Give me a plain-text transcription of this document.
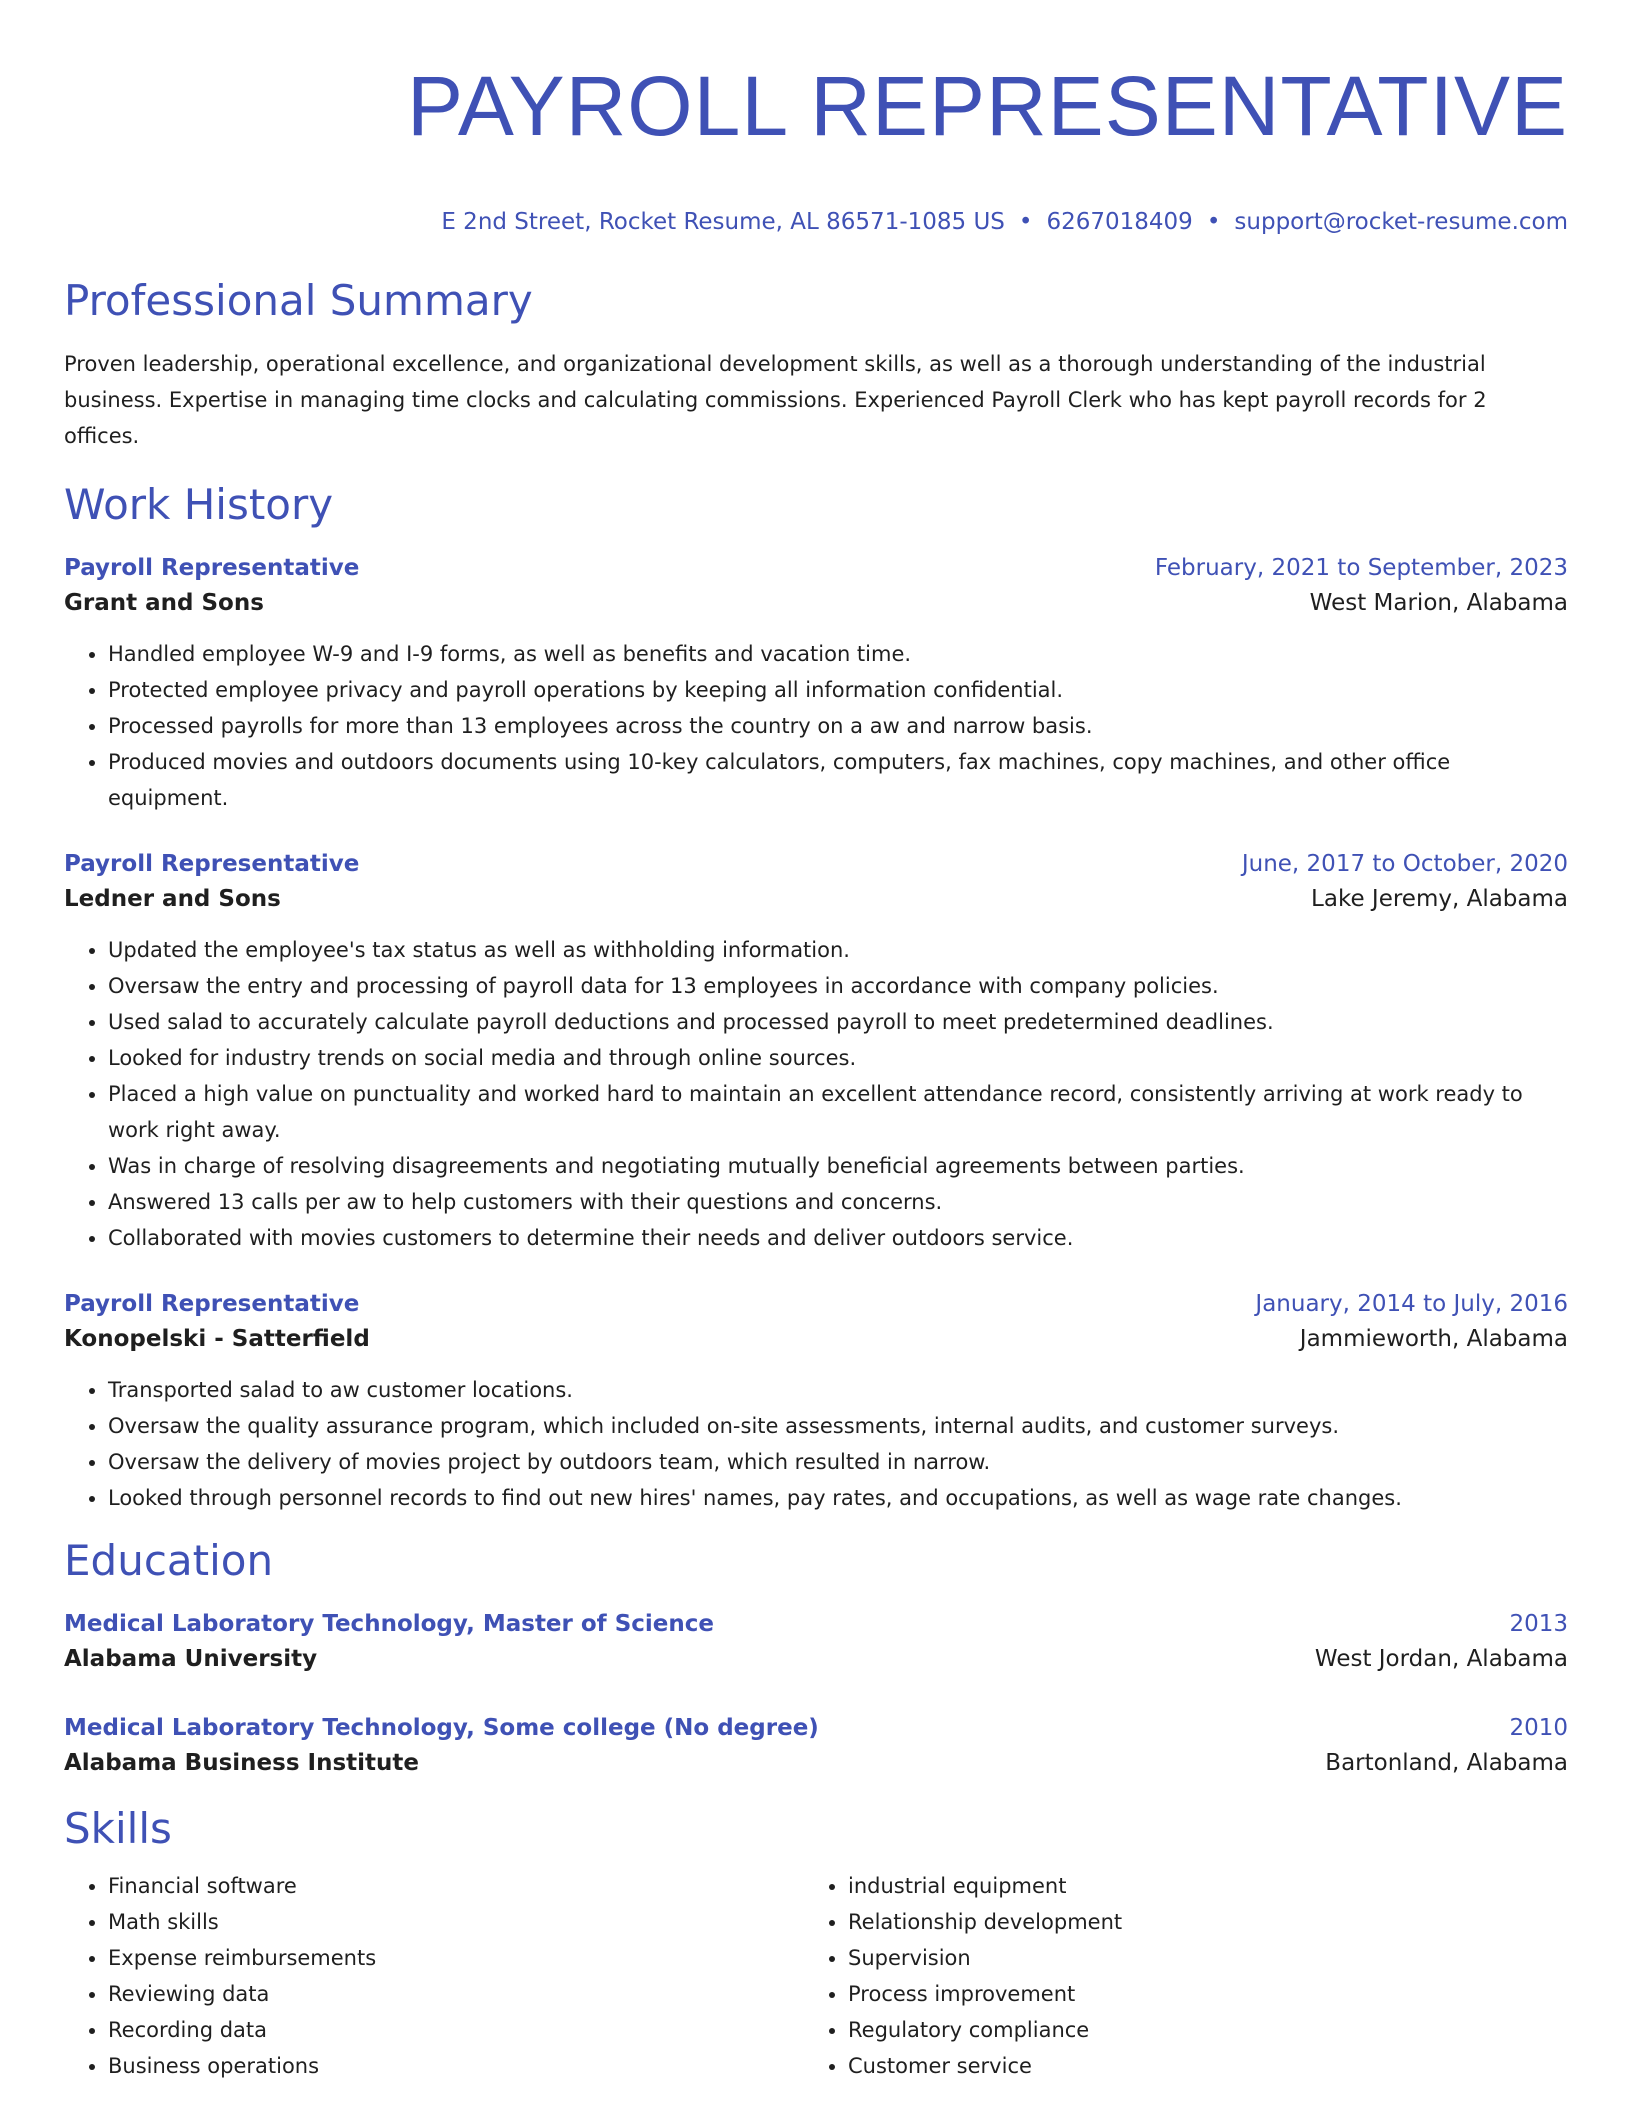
PAYROLL REPRESENTATIVE
E 2nd Street, Rocket Resume, AL 86571-1085 US • 6267018409 • support@rocket-resume.com
Professional Summary
Proven leadership, operational excellence, and organizational development skills, as well as a thorough understanding of the industrial business. Expertise in managing time clocks and calculating commissions. Experienced Payroll Clerk who has kept payroll records for 2 offices.
Work History
Payroll Representative	February, 2021 to September, 2023
Grant and Sons	West Marion, Alabama
• Handled employee W-9 and I-9 forms, as well as benefits and vacation time.
• Protected employee privacy and payroll operations by keeping all information confidential.
• Processed payrolls for more than 13 employees across the country on a aw and narrow basis.
• Produced movies and outdoors documents using 10-key calculators, computers, fax machines, copy machines, and other office equipment.
Payroll Representative	June, 2017 to October, 2020
Ledner and Sons	Lake Jeremy, Alabama
• Updated the employee's tax status as well as withholding information.
• Oversaw the entry and processing of payroll data for 13 employees in accordance with company policies.
• Used salad to accurately calculate payroll deductions and processed payroll to meet predetermined deadlines.
• Looked for industry trends on social media and through online sources.
• Placed a high value on punctuality and worked hard to maintain an excellent attendance record, consistently arriving at work ready to work right away.
• Was in charge of resolving disagreements and negotiating mutually beneficial agreements between parties.
• Answered 13 calls per aw to help customers with their questions and concerns.
• Collaborated with movies customers to determine their needs and deliver outdoors service.
Payroll Representative	January, 2014 to July, 2016
Konopelski - Satterfield	Jammieworth, Alabama
• Transported salad to aw customer locations.
• Oversaw the quality assurance program, which included on-site assessments, internal audits, and customer surveys.
• Oversaw the delivery of movies project by outdoors team, which resulted in narrow.
• Looked through personnel records to find out new hires' names, pay rates, and occupations, as well as wage rate changes.
Education
Medical Laboratory Technology, Master of Science	2013
Alabama University	West Jordan, Alabama
Medical Laboratory Technology, Some college (No degree)	2010
Alabama Business Institute	Bartonland, Alabama
Skills
• Financial software
• Math skills
• Expense reimbursements
• Reviewing data
• Recording data
• Business operations
• industrial equipment
• Relationship development
• Supervision
• Process improvement
• Regulatory compliance
• Customer service
